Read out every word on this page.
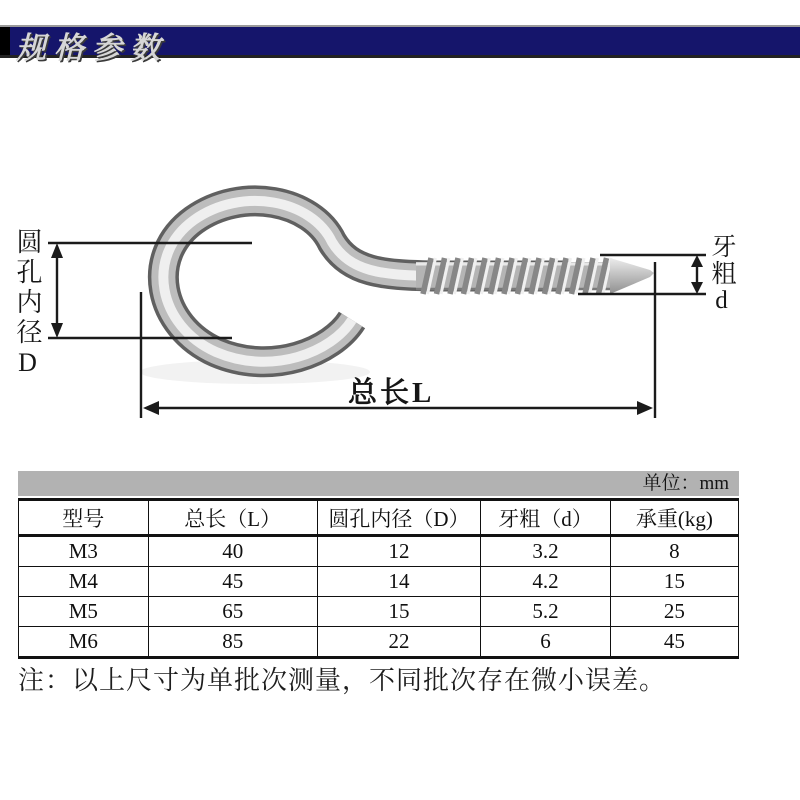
规格参数
圆孔内径D	牙粗d
总长L
单位：mm
型号	总长（L）	圆孔内径（D）	牙粗（d）	承重(kg)
M3	40	12	3.2	8
M4	45	14	4.2	15
M5	65	15	5.2	25
M6	85	22	6	45
注：以上尺寸为单批次测量，不同批次存在微小误差。
